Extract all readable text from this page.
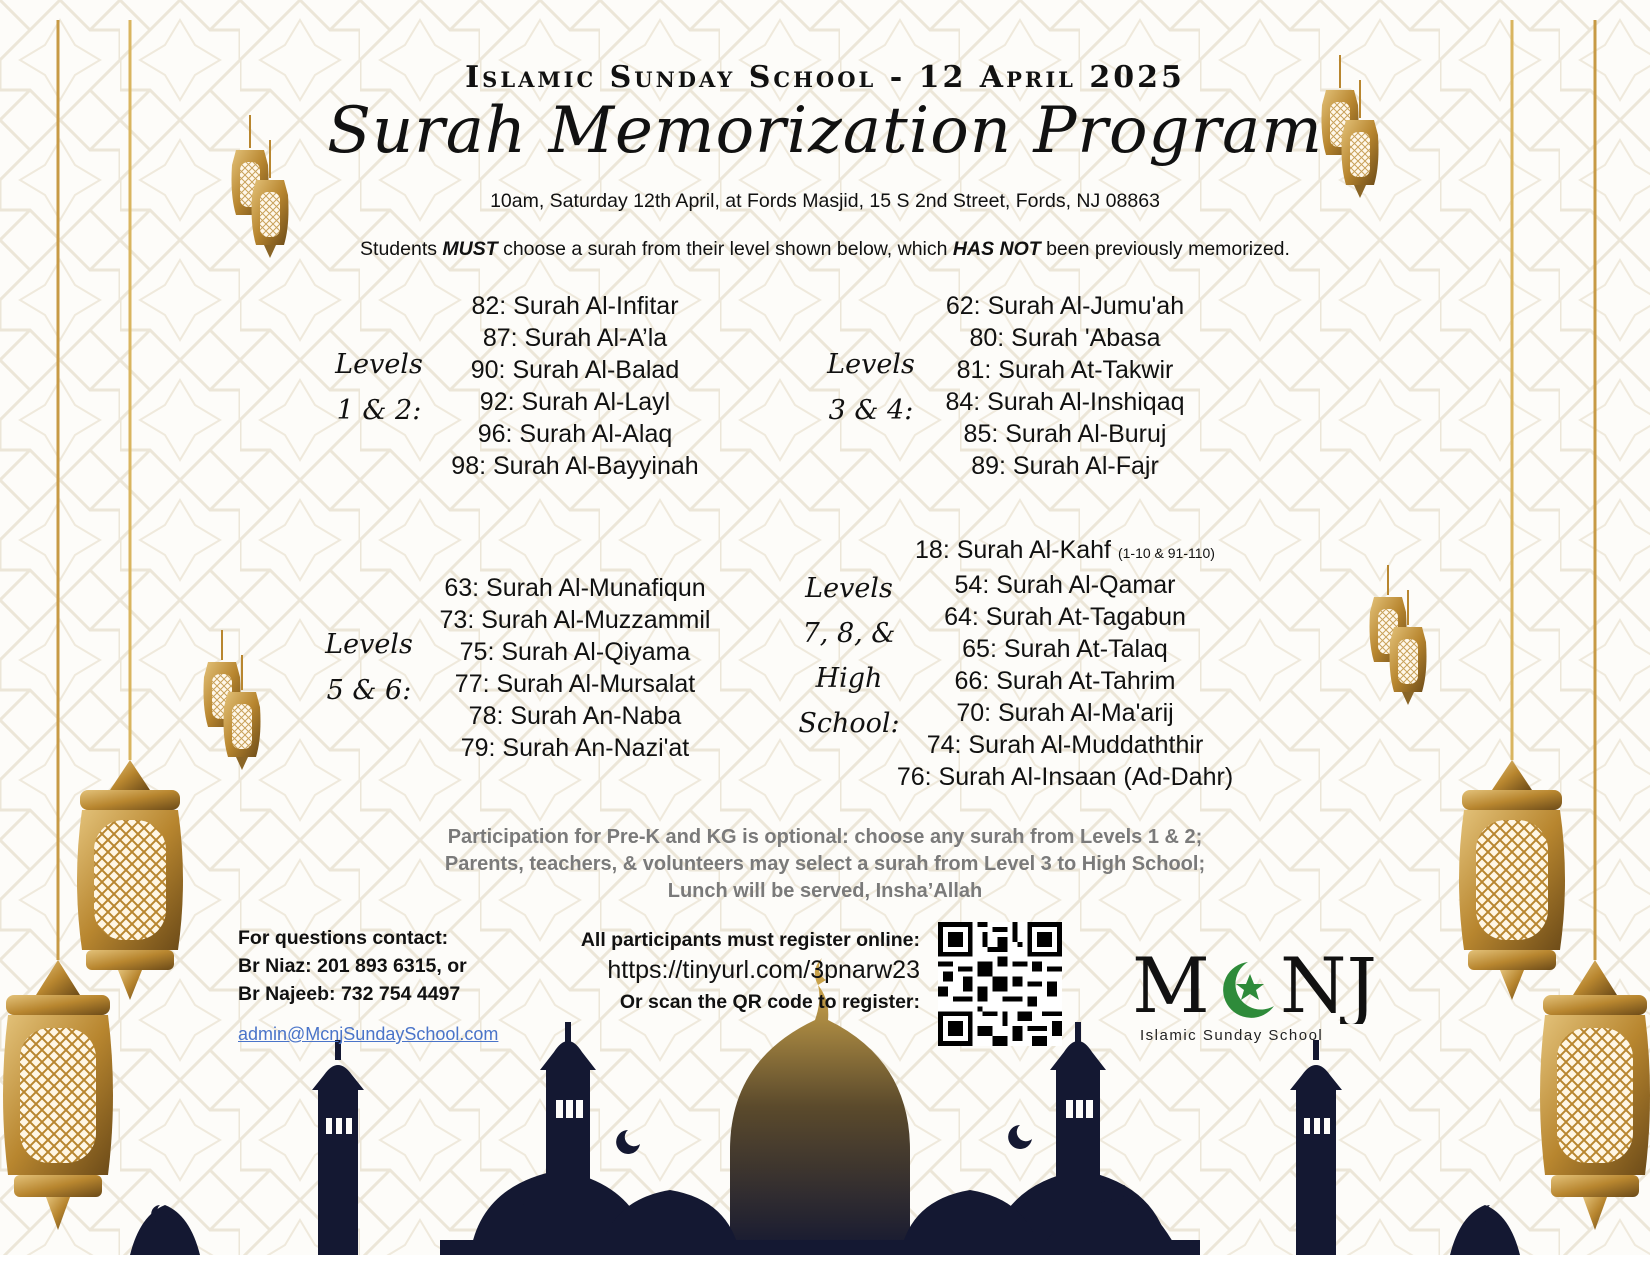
Islamic Sunday School - 12 April 2025
Surah Memorization Program
10am, Saturday 12th April, at Fords Masjid, 15 S 2nd Street, Fords, NJ 08863
Students MUST choose a surah from their level shown below, which HAS NOT been previously memorized.
Levels
1 & 2:
82: Surah Al-Infitar
87: Surah Al-A’la
90: Surah Al-Balad
92: Surah Al-Layl
96: Surah Al-Alaq
98: Surah Al-Bayyinah
Levels
3 & 4:
62: Surah Al-Jumu'ah
80: Surah 'Abasa
81: Surah At-Takwir
84: Surah Al-Inshiqaq
85: Surah Al-Buruj
89: Surah Al-Fajr
Levels
5 & 6:
63: Surah Al-Munafiqun
73: Surah Al-Muzzammil
75: Surah Al-Qiyama
77: Surah Al-Mursalat
78: Surah An-Naba
79: Surah An-Nazi'at
Levels
7, 8, &
High
School:
18: Surah Al-Kahf (1-10 & 91-110)
54: Surah Al-Qamar
64: Surah At-Tagabun
65: Surah At-Talaq
66: Surah At-Tahrim
70: Surah Al-Ma'arij
74: Surah Al-Muddaththir
76: Surah Al-Insaan (Ad-Dahr)
Participation for Pre-K and KG is optional: choose any surah from Levels 1 & 2;
Parents, teachers, & volunteers may select a surah from Level 3 to High School;
Lunch will be served, Insha’Allah
For questions contact:
Br Niaz: 201 893 6315, or
Br Najeeb: 732 754 4497
admin@McnjSundaySchool.com
All participants must register online:
https://tinyurl.com/3pnarw23
Or scan the QR code to register:	M NJ
Islamic Sunday School
